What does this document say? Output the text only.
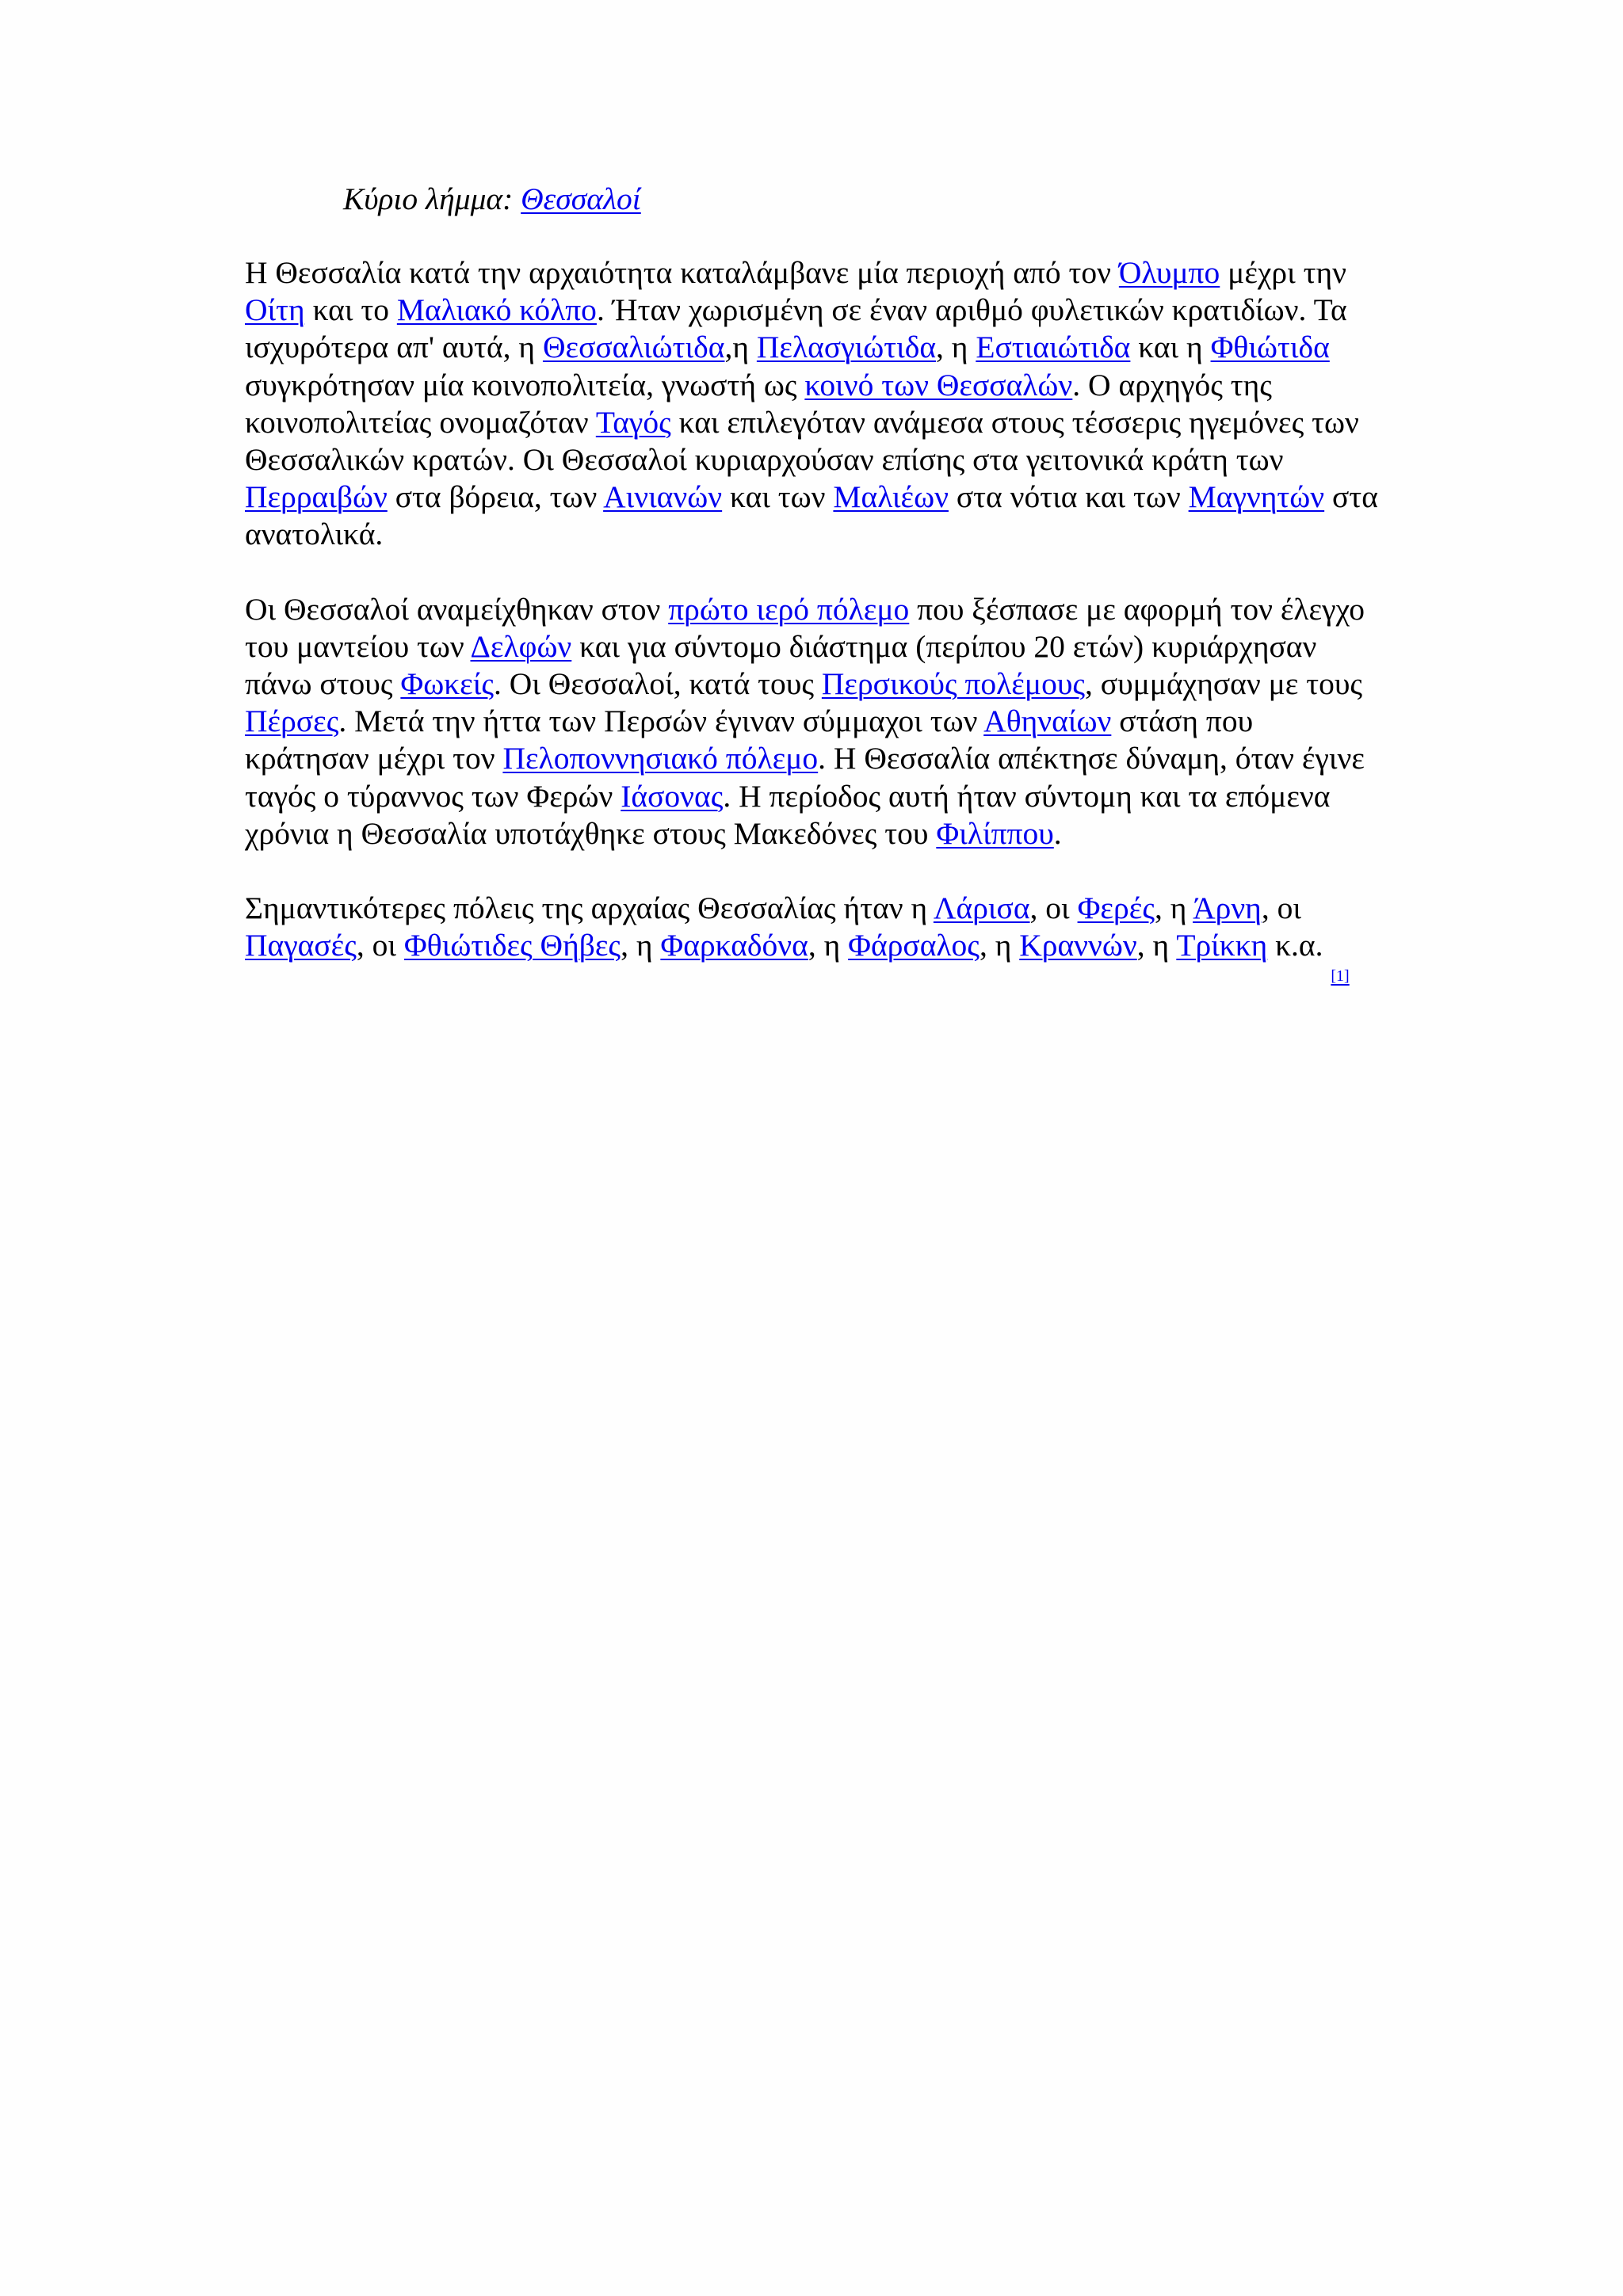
Κύριο λήμμα: Θεσσαλοί

Η Θεσσαλία κατά την αρχαιότητα καταλάμβανε μία περιοχή από τον Όλυμπο μέχρι την Οίτη και το Μαλιακό κόλπο. Ήταν χωρισμένη σε έναν αριθμό φυλετικών κρατιδίων. Τα ισχυρότερα απ' αυτά, η Θεσσαλιώτιδα,η Πελασγιώτιδα, η Εστιαιώτιδα και η Φθιώτιδα συγκρότησαν μία κοινοπολιτεία, γνωστή ως κοινό των Θεσσαλών. Ο αρχηγός της κοινοπολιτείας ονομαζόταν Ταγός και επιλεγόταν ανάμεσα στους τέσσερις ηγεμόνες των Θεσσαλικών κρατών. Οι Θεσσαλοί κυριαρχούσαν επίσης στα γειτονικά κράτη των Περραιβών στα βόρεια, των Αινιανών και των Μαλιέων στα νότια και των Μαγνητών στα ανατολικά.

Οι Θεσσαλοί αναμείχθηκαν στον πρώτο ιερό πόλεμο που ξέσπασε με αφορμή τον έλεγχο του μαντείου των Δελφών και για σύντομο διάστημα (περίπου 20 ετών) κυριάρχησαν πάνω στους Φωκείς. Οι Θεσσαλοί, κατά τους Περσικούς πολέμους, συμμάχησαν με τους Πέρσες. Μετά την ήττα των Περσών έγιναν σύμμαχοι των Αθηναίων στάση που κράτησαν μέχρι τον Πελοποννησιακό πόλεμο. Η Θεσσαλία απέκτησε δύναμη, όταν έγινε ταγός ο τύραννος των Φερών Ιάσονας. Η περίοδος αυτή ήταν σύντομη και τα επόμενα χρόνια η Θεσσαλία υποτάχθηκε στους Μακεδόνες του Φιλίππου.

Σημαντικότερες πόλεις της αρχαίας Θεσσαλίας ήταν η Λάρισα, οι Φερές, η Άρνη, οι Παγασές, οι Φθιώτιδες Θήβες, η Φαρκαδόνα, η Φάρσαλος, η Κραννών, η Τρίκκη κ.α. [1]
